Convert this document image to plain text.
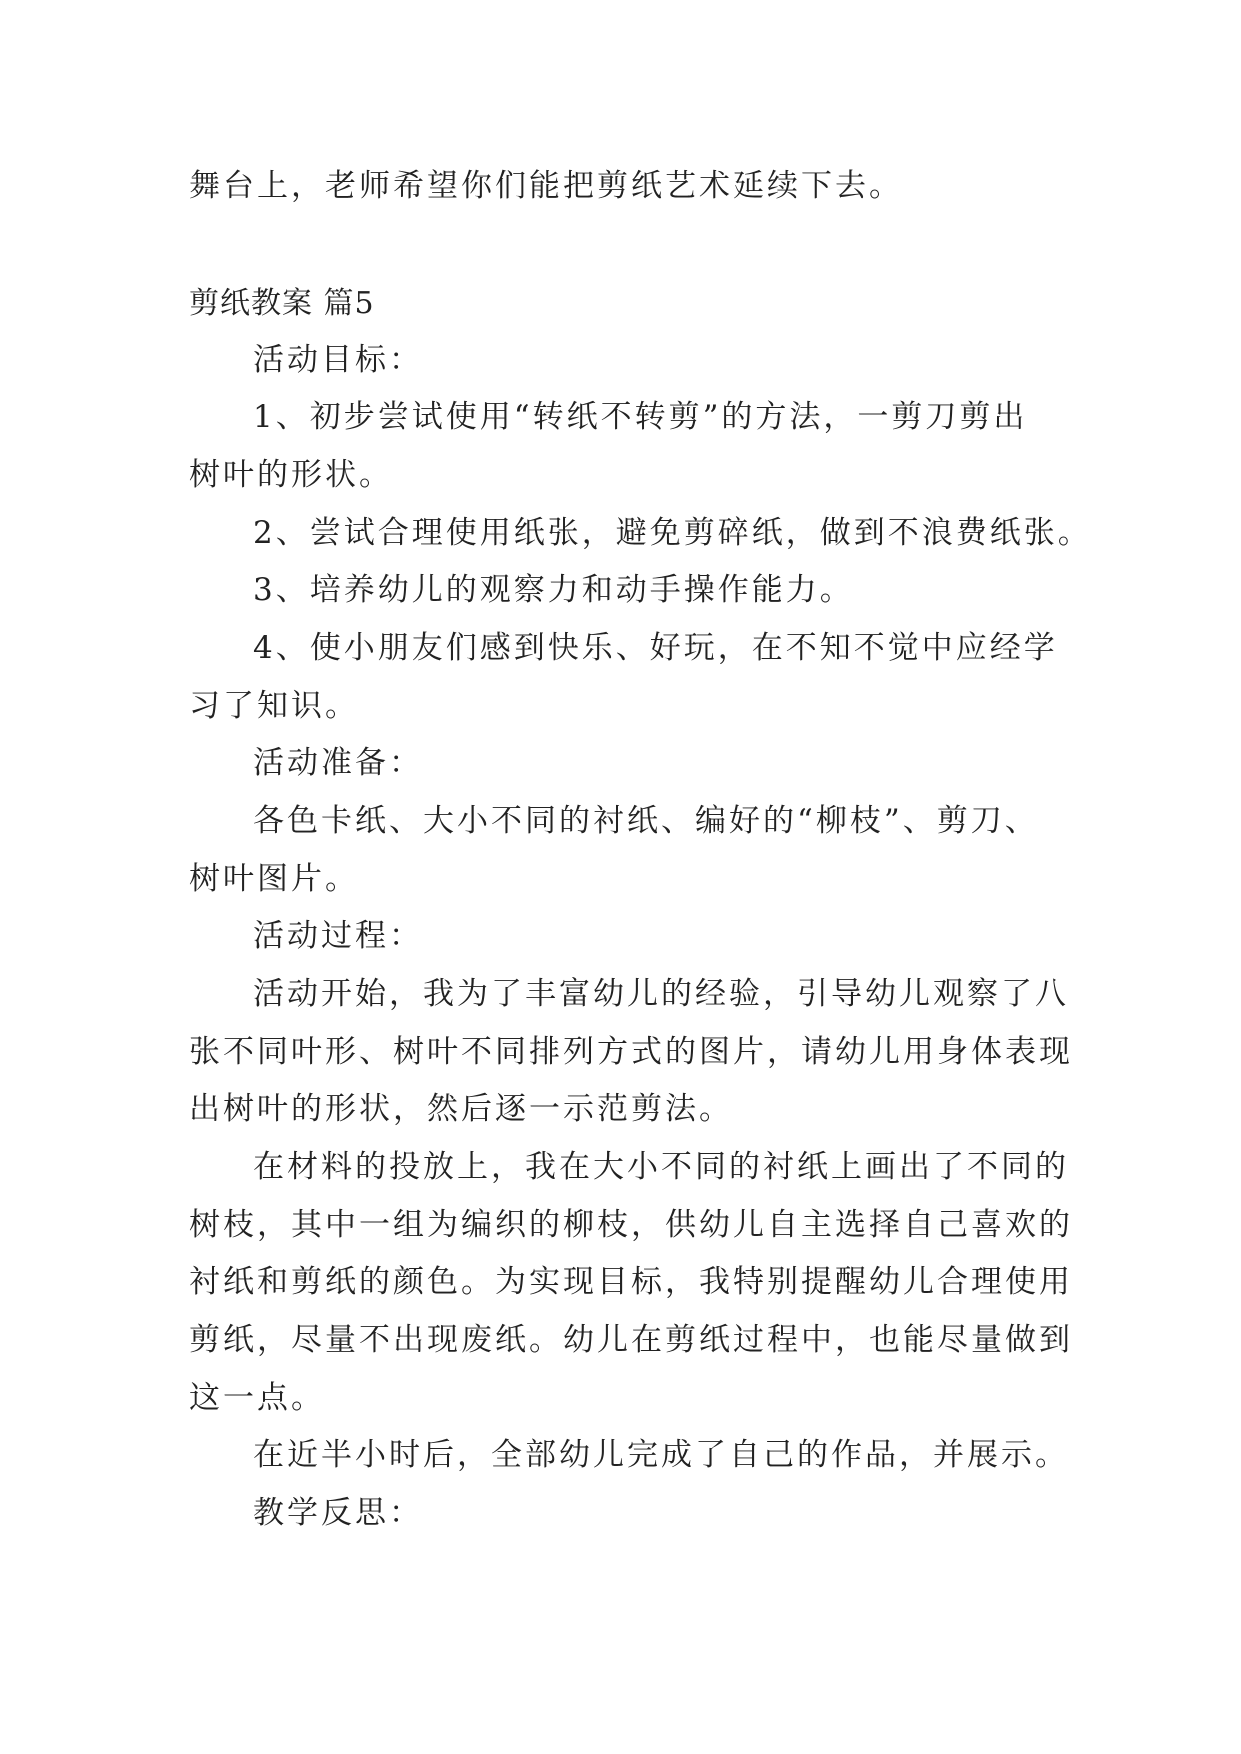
舞台上，老师希望你们能把剪纸艺术延续下去。
剪纸教案 篇5
活动目标：
1、初步尝试使用“转纸不转剪”的方法，一剪刀剪出
树叶的形状。
2、尝试合理使用纸张，避免剪碎纸，做到不浪费纸张。
3、培养幼儿的观察力和动手操作能力。
4、使小朋友们感到快乐、好玩，在不知不觉中应经学
习了知识。
活动准备：
各色卡纸、大小不同的衬纸、编好的“柳枝”、剪刀、
树叶图片。
活动过程：
活动开始，我为了丰富幼儿的经验，引导幼儿观察了八
张不同叶形、树叶不同排列方式的图片，请幼儿用身体表现
出树叶的形状，然后逐一示范剪法。
在材料的投放上，我在大小不同的衬纸上画出了不同的
树枝，其中一组为编织的柳枝，供幼儿自主选择自己喜欢的
衬纸和剪纸的颜色。为实现目标，我特别提醒幼儿合理使用
剪纸，尽量不出现废纸。幼儿在剪纸过程中，也能尽量做到
这一点。
在近半小时后，全部幼儿完成了自己的作品，并展示。
教学反思：
